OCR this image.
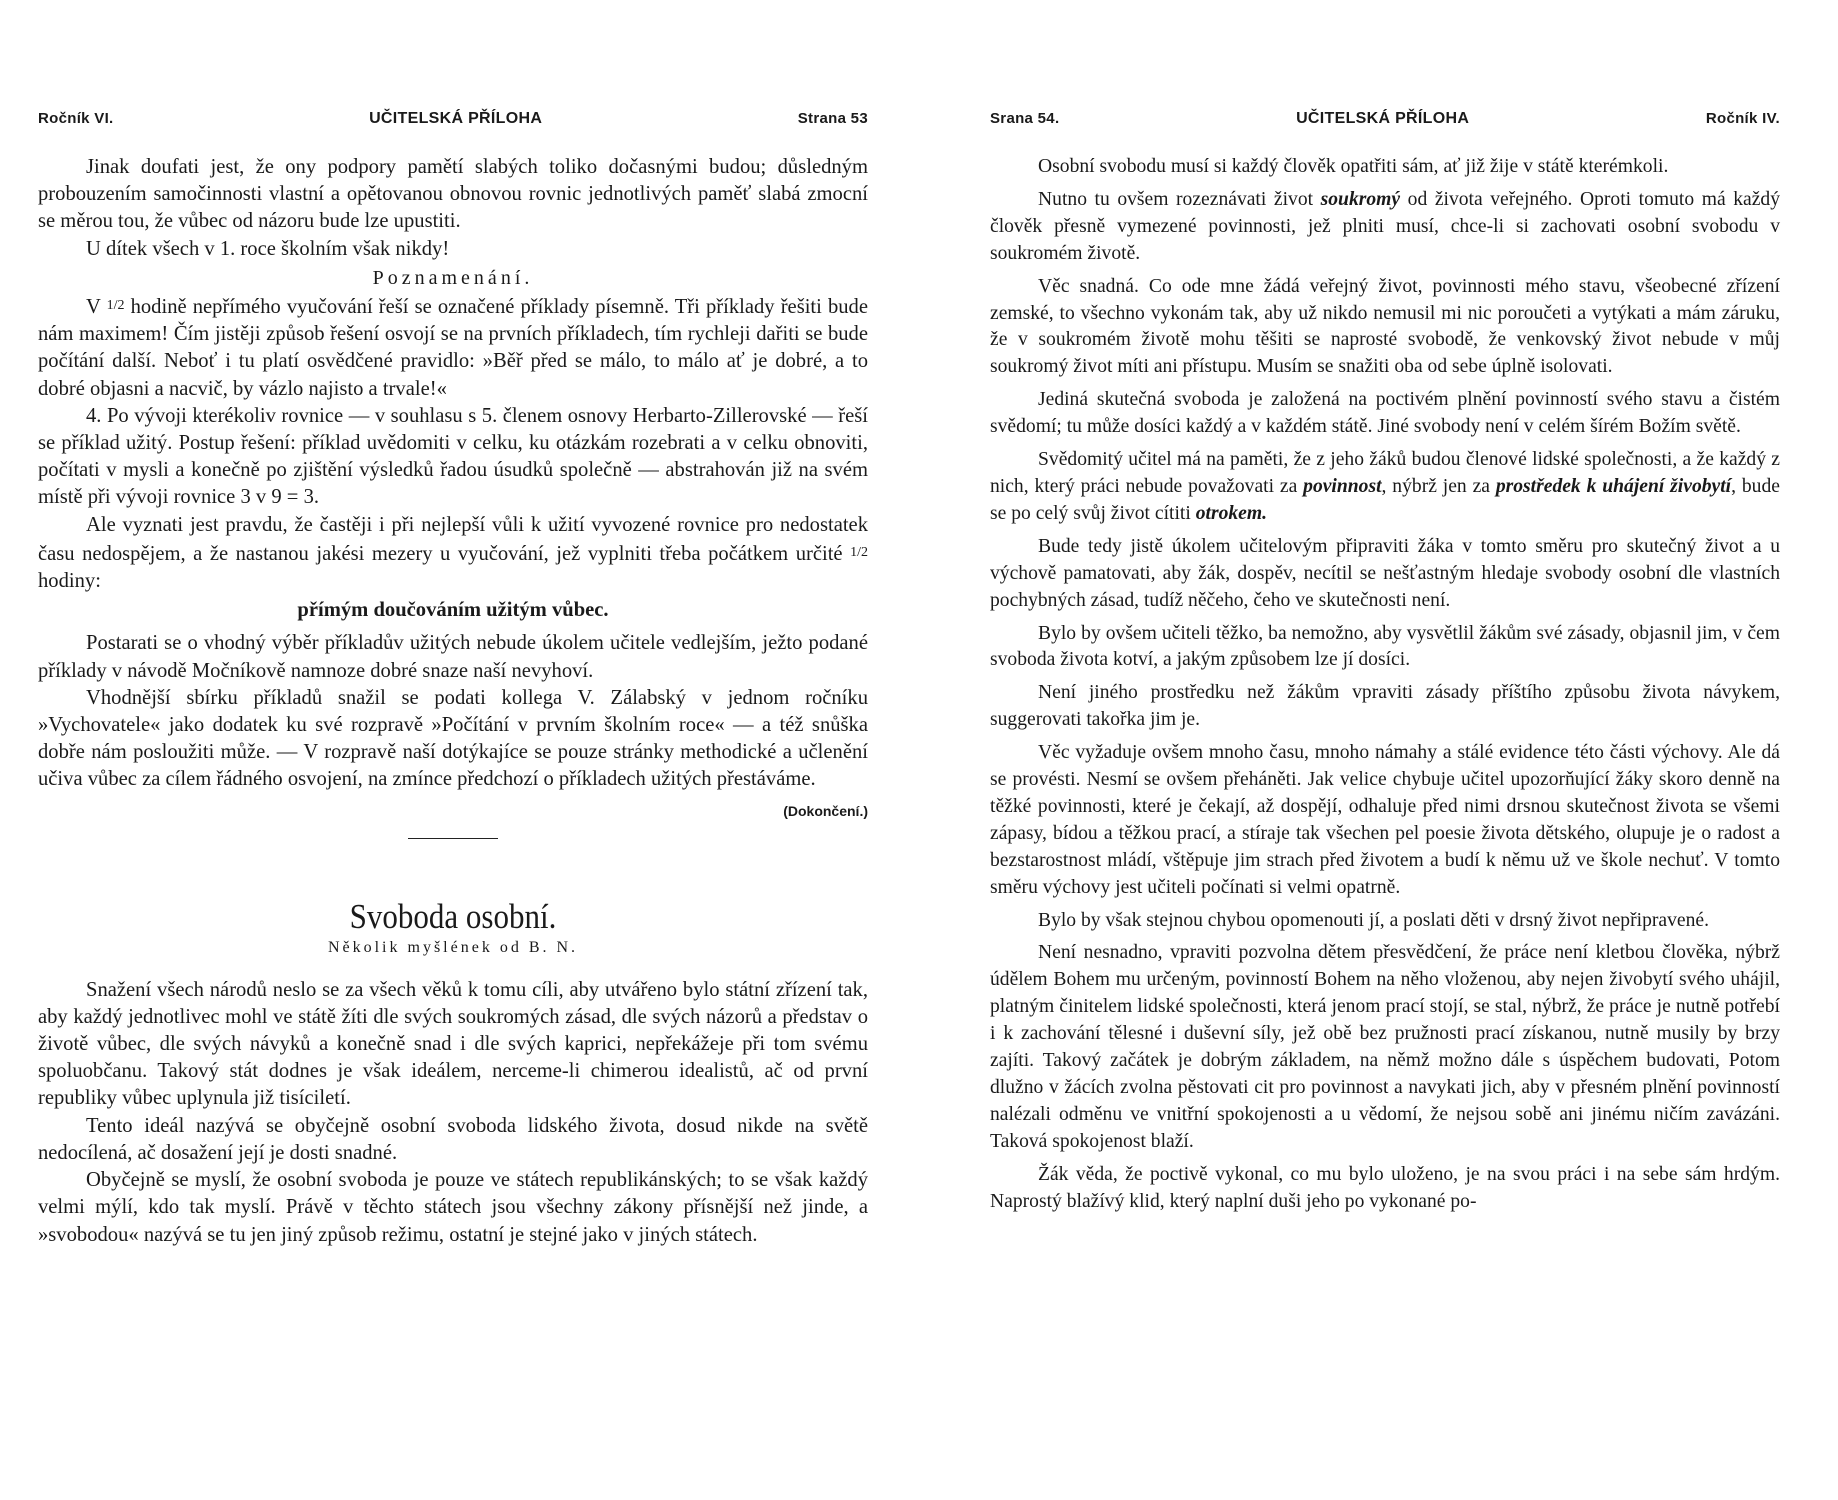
Ročník VI.	UČITELSKÁ PŘÍLOHA	Strana 53

Jinak doufati jest, že ony podpory pamětí slabých toliko dočasnými budou; důsledným probouzením samočinnosti vlastní a opětovanou obnovou rovnic jednotlivých paměť slabá zmocní se měrou tou, že vůbec od názoru bude lze upustiti.

U dítek všech v 1. roce školním však nikdy!

Poznamenání.

V 1/2 hodině nepřímého vyučování řeší se označené příklady písemně. Tři příklady řešiti bude nám maximem! Čím jistěji způsob řešení osvojí se na prvních příkladech, tím rychleji dařiti se bude počítání další. Neboť i tu platí osvědčené pravidlo: »Běř před se málo, to málo ať je dobré, a to dobré objasni a nacvič, by vázlo najisto a trvale!«

4. Po vývoji kterékoliv rovnice — v souhlasu s 5. členem osnovy Herbarto-Zillerovské — řeší se příklad užitý. Postup řešení: příklad uvědomiti v celku, ku otázkám rozebrati a v celku obnoviti, počítati v mysli a konečně po zjištění výsledků řadou úsudků společně — abstrahován již na svém místě při vývoji rovnice 3 v 9 = 3.

Ale vyznati jest pravdu, že častěji i při nejlepší vůli k užití vyvozené rovnice pro nedostatek času nedospějem, a že nastanou jakési mezery u vyučování, jež vyplniti třeba počátkem určité 1/2 hodiny:

přímým doučováním užitým vůbec.

Postarati se o vhodný výběr příkladův užitých nebude úkolem učitele vedlejším, ježto podané příklady v návodě Močníkově namnoze dobré snaze naší nevyhoví.

Vhodnější sbírku příkladů snažil se podati kollega V. Zálabský v jednom ročníku »Vychovatele« jako dodatek ku své rozpravě »Počítání v prvním školním roce« — a též snůška dobře nám posloužiti může. — V rozpravě naší dotýkajíce se pouze stránky methodické a učlenění učiva vůbec za cílem řádného osvojení, na zmínce předchozí o příkladech užitých přestáváme.
(Dokončení.)

Svoboda osobní.
Několik myšlének od B. N.

Snažení všech národů neslo se za všech věků k tomu cíli, aby utvářeno bylo státní zřízení tak, aby každý jednotlivec mohl ve státě žíti dle svých soukromých zásad, dle svých názorů a představ o životě vůbec, dle svých návyků a konečně snad i dle svých kaprici, nepřekážeje při tom svému spoluobčanu. Takový stát dodnes je však ideálem, nerceme-li chimerou idealistů, ač od první republiky vůbec uplynula již tisíciletí.

Tento ideál nazývá se obyčejně osobní svoboda lidského života, dosud nikde na světě nedocílená, ač dosažení její je dosti snadné.

Obyčejně se myslí, že osobní svoboda je pouze ve státech republikánských; to se však každý velmi mýlí, kdo tak myslí. Právě v těchto státech jsou všechny zákony přísnější než jinde, a »svobodou« nazývá se tu jen jiný způsob režimu, ostatní je stejné jako v jiných státech.

Srana 54.	UČITELSKÁ PŘÍLOHA	Ročník IV.

Osobní svobodu musí si každý člověk opatřiti sám, ať již žije v státě kterémkoli.

Nutno tu ovšem rozeznávati život soukromý od života veřejného. Oproti tomuto má každý člověk přesně vymezené povinnosti, jež plniti musí, chce-li si zachovati osobní svobodu v soukromém životě.

Věc snadná. Co ode mne žádá veřejný život, povinnosti mého stavu, všeobecné zřízení zemské, to všechno vykonám tak, aby už nikdo nemusil mi nic poroučeti a vytýkati a mám záruku, že v soukromém životě mohu těšiti se naprosté svobodě, že venkovský život nebude v můj soukromý život míti ani přístupu. Musím se snažiti oba od sebe úplně isolovati.

Jediná skutečná svoboda je založená na poctivém plnění povinností svého stavu a čistém svědomí; tu může dosíci každý a v každém státě. Jiné svobody není v celém šírém Božím světě.

Svědomitý učitel má na paměti, že z jeho žáků budou členové lidské společnosti, a že každý z nich, který práci nebude považovati za povinnost, nýbrž jen za prostředek k uhájení živobytí, bude se po celý svůj život cítiti otrokem.

Bude tedy jistě úkolem učitelovým připraviti žáka v tomto směru pro skutečný život a u výchově pamatovati, aby žák, dospěv, necítil se nešťastným hledaje svobody osobní dle vlastních pochybných zásad, tudíž něčeho, čeho ve skutečnosti není.

Bylo by ovšem učiteli těžko, ba nemožno, aby vysvětlil žákům své zásady, objasnil jim, v čem svoboda života kotví, a jakým způsobem lze jí dosíci.

Není jiného prostředku než žákům vpraviti zásady příštího způsobu života návykem, suggerovati takořka jim je.

Věc vyžaduje ovšem mnoho času, mnoho námahy a stálé evidence této části výchovy. Ale dá se provésti. Nesmí se ovšem přeháněti. Jak velice chybuje učitel upozorňující žáky skoro denně na těžké povinnosti, které je čekají, až dospějí, odhaluje před nimi drsnou skutečnost života se všemi zápasy, bídou a těžkou prací, a stíraje tak všechen pel poesie života dětského, olupuje je o radost a bezstarostnost mládí, vštěpuje jim strach před životem a budí k němu už ve škole nechuť. V tomto směru výchovy jest učiteli počínati si velmi opatrně.

Bylo by však stejnou chybou opomenouti jí, a poslati děti v drsný život nepřipravené.

Není nesnadno, vpraviti pozvolna dětem přesvědčení, že práce není kletbou člověka, nýbrž údělem Bohem mu určeným, povinností Bohem na něho vloženou, aby nejen živobytí svého uhájil, platným činitelem lidské společnosti, která jenom prací stojí, se stal, nýbrž, že práce je nutně potřebí i k zachování tělesné i duševní síly, jež obě bez pružnosti prací získanou, nutně musily by brzy zajíti. Takový začátek je dobrým základem, na němž možno dále s úspěchem budovati, Potom dlužno v žácích zvolna pěstovati cit pro povinnost a navykati jich, aby v přesném plnění povinností nalézali odměnu ve vnitřní spokojenosti a u vědomí, že nejsou sobě ani jinému ničím zavázáni. Taková spokojenost blaží.

Žák věda, že poctivě vykonal, co mu bylo uloženo, je na svou práci i na sebe sám hrdým. Naprostý blažívý klid, který naplní duši jeho po vykonané po-
